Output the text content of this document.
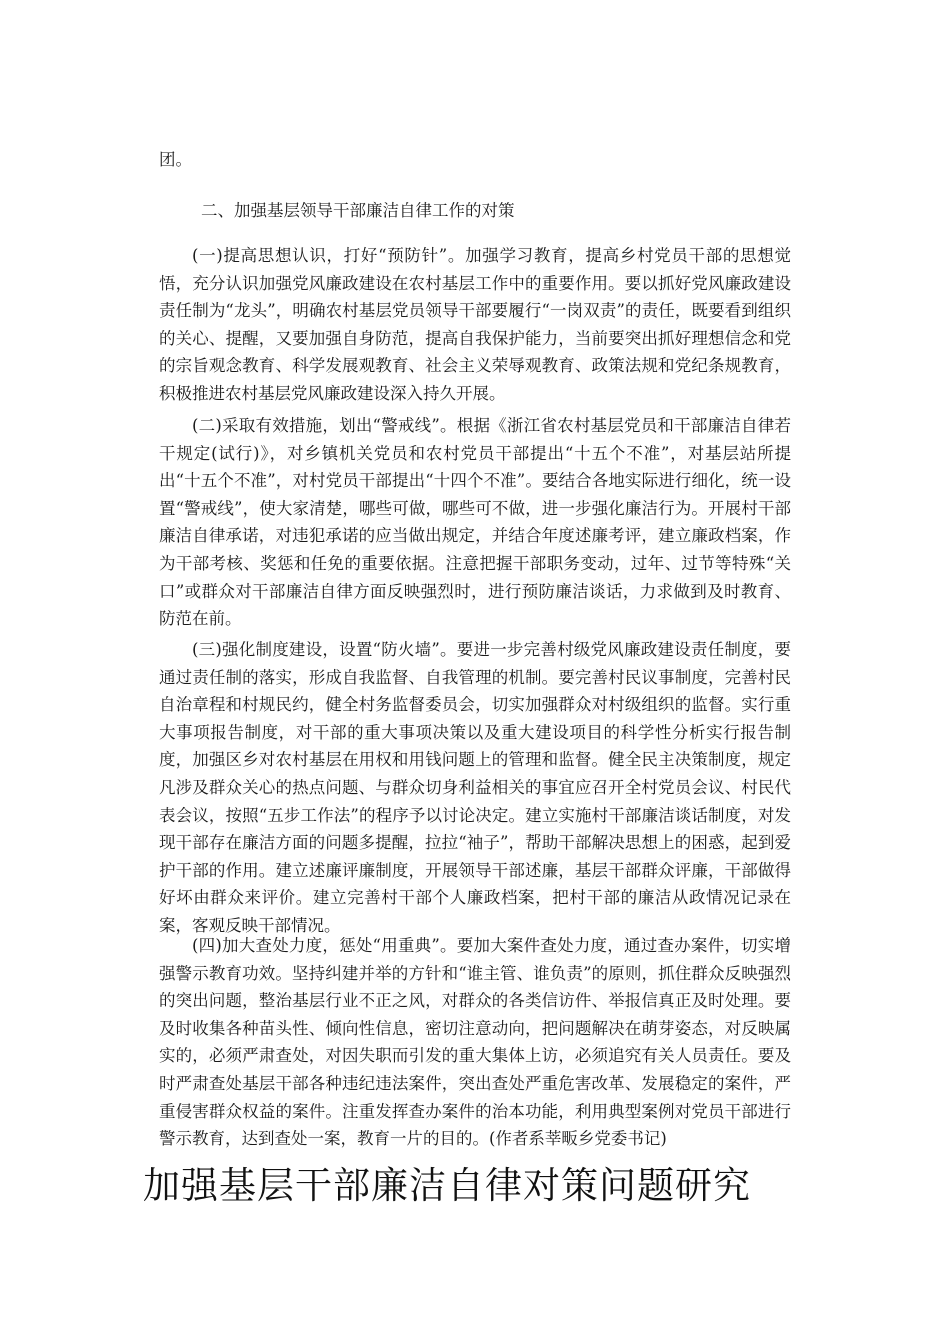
团。
二、加强基层领导干部廉洁自律工作的对策
(一)提高思想认识，打好“预防针”。加强学习教育，提高乡村党员干部的思想觉悟，充分认识加强党风廉政建设在农村基层工作中的重要作用。要以抓好党风廉政建设责任制为“龙头”，明确农村基层党员领导干部要履行“一岗双责”的责任，既要看到组织的关心、提醒，又要加强自身防范，提高自我保护能力，当前要突出抓好理想信念和党的宗旨观念教育、科学发展观教育、社会主义荣辱观教育、政策法规和党纪条规教育，积极推进农村基层党风廉政建设深入持久开展。
(二)采取有效措施，划出“警戒线”。根据《浙江省农村基层党员和干部廉洁自律若干规定(试行)》，对乡镇机关党员和农村党员干部提出“十五个不准”，对基层站所提出“十五个不准”，对村党员干部提出“十四个不准”。要结合各地实际进行细化，统一设置“警戒线”，使大家清楚，哪些可做，哪些可不做，进一步强化廉洁行为。开展村干部廉洁自律承诺，对违犯承诺的应当做出规定，并结合年度述廉考评，建立廉政档案，作为干部考核、奖惩和任免的重要依据。注意把握干部职务变动，过年、过节等特殊“关口”或群众对干部廉洁自律方面反映强烈时，进行预防廉洁谈话，力求做到及时教育、防范在前。
(三)强化制度建设，设置“防火墙”。要进一步完善村级党风廉政建设责任制度，要通过责任制的落实，形成自我监督、自我管理的机制。要完善村民议事制度，完善村民自治章程和村规民约，健全村务监督委员会，切实加强群众对村级组织的监督。实行重大事项报告制度，对干部的重大事项决策以及重大建设项目的科学性分析实行报告制度，加强区乡对农村基层在用权和用钱问题上的管理和监督。健全民主决策制度，规定凡涉及群众关心的热点问题、与群众切身利益相关的事宜应召开全村党员会议、村民代表会议，按照“五步工作法”的程序予以讨论决定。建立实施村干部廉洁谈话制度，对发现干部存在廉洁方面的问题多提醒，拉拉“袖子”，帮助干部解决思想上的困惑，起到爱护干部的作用。建立述廉评廉制度，开展领导干部述廉，基层干部群众评廉，干部做得好坏由群众来评价。建立完善村干部个人廉政档案，把村干部的廉洁从政情况记录在案，客观反映干部情况。
(四)加大查处力度，惩处“用重典”。要加大案件查处力度，通过查办案件，切实增强警示教育功效。坚持纠建并举的方针和“谁主管、谁负责”的原则，抓住群众反映强烈的突出问题，整治基层行业不正之风，对群众的各类信访件、举报信真正及时处理。要及时收集各种苗头性、倾向性信息，密切注意动向，把问题解决在萌芽姿态，对反映属实的，必须严肃查处，对因失职而引发的重大集体上访，必须追究有关人员责任。要及时严肃查处基层干部各种违纪违法案件，突出查处严重危害改革、发展稳定的案件，严重侵害群众权益的案件。注重发挥查办案件的治本功能，利用典型案例对党员干部进行警示教育，达到查处一案，教育一片的目的。(作者系莘畈乡党委书记)
加强基层干部廉洁自律对策问题研究
